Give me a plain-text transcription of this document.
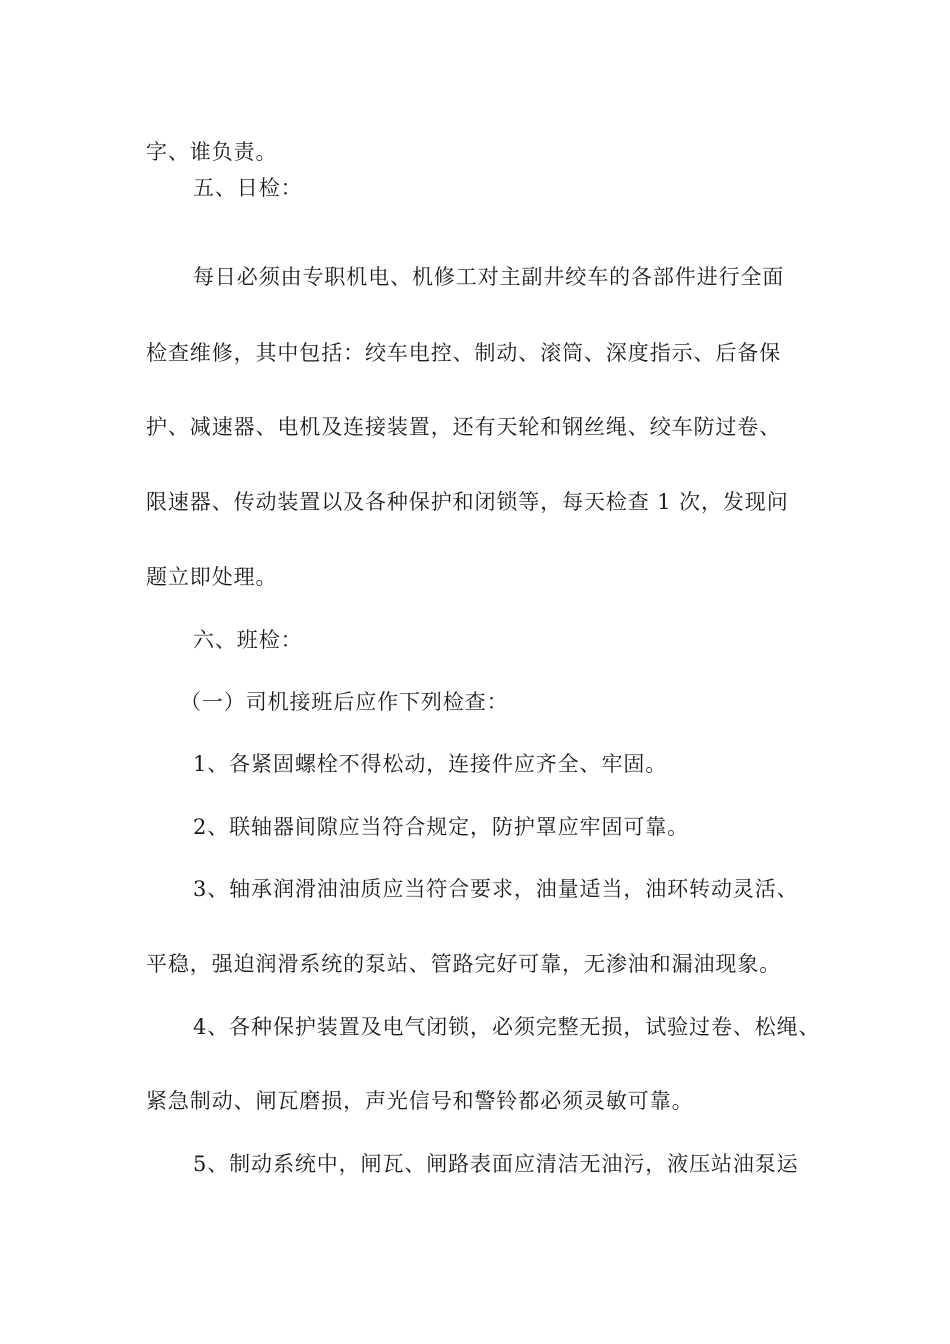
字、谁负责。
五、日检：
每日必须由专职机电、机修工对主副井绞车的各部件进行全面
检查维修，其中包括：绞车电控、制动、滚筒、深度指示、后备保
护、减速器、电机及连接装置，还有天轮和钢丝绳、绞车防过卷、
限速器、传动装置以及各种保护和闭锁等，每天检查 1 次，发现问
题立即处理。
六、班检：
（一）司机接班后应作下列检查：
1、各紧固螺栓不得松动，连接件应齐全、牢固。
2、联轴器间隙应当符合规定，防护罩应牢固可靠。
3、轴承润滑油油质应当符合要求，油量适当，油环转动灵活、
平稳，强迫润滑系统的泵站、管路完好可靠，无渗油和漏油现象。
4、各种保护装置及电气闭锁，必须完整无损，试验过卷、松绳、
紧急制动、闸瓦磨损，声光信号和警铃都必须灵敏可靠。
5、制动系统中，闸瓦、闸路表面应清洁无油污，液压站油泵运
